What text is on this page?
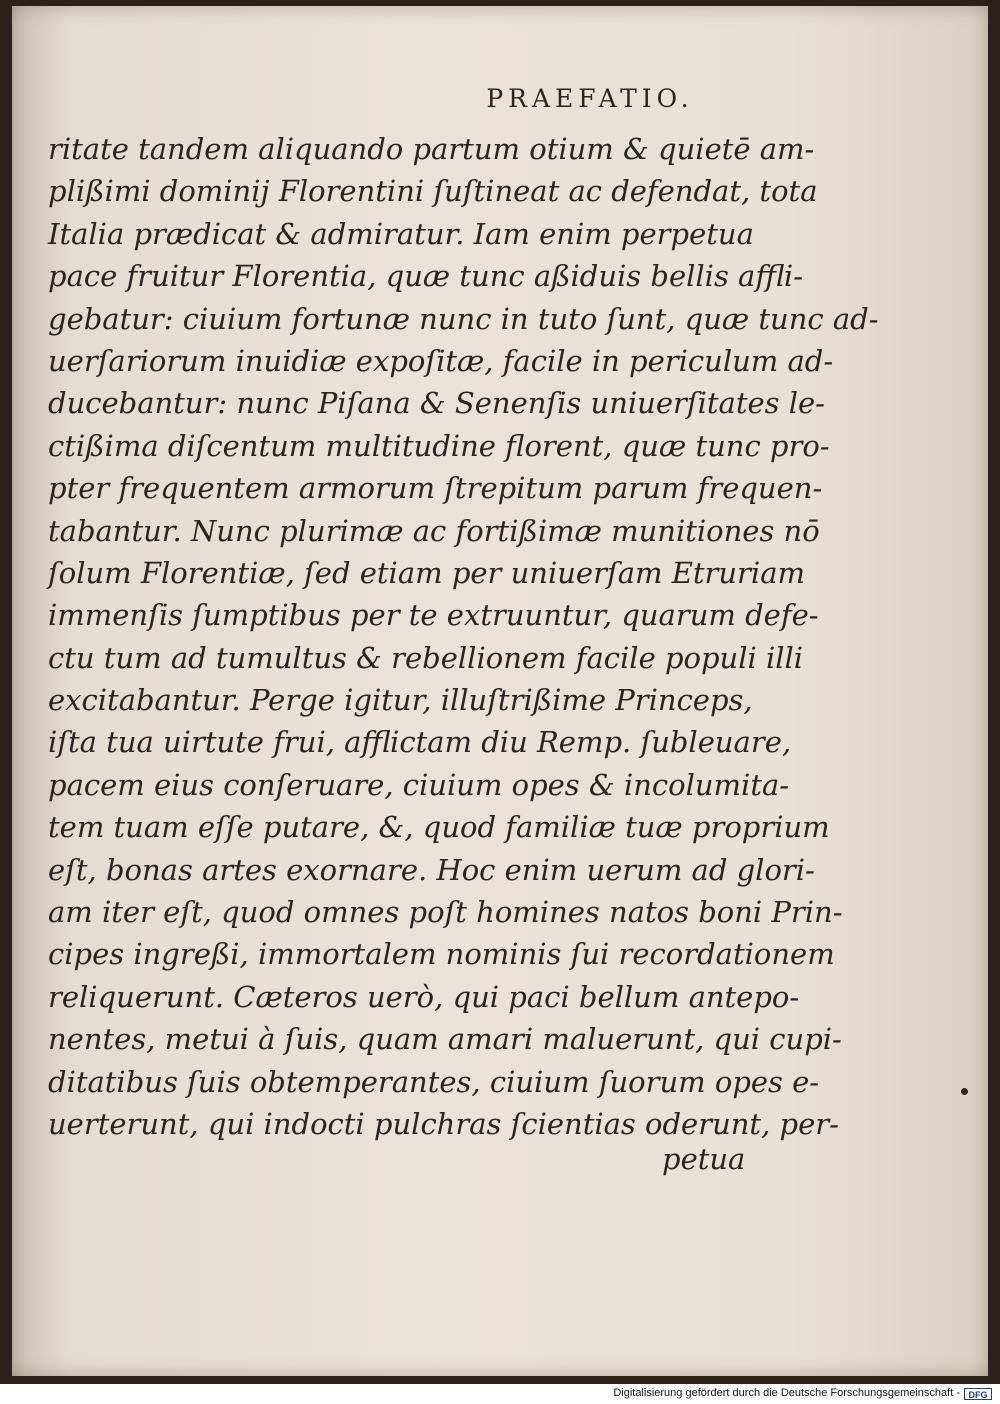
PRAEFATIO.
ritate tandem aliquando partum otium & quietē am-
plißimi dominij Florentini ſuſtineat ac defendat, tota
Italia prædicat & admiratur. Iam enim perpetua
pace fruitur Florentia, quæ tunc aßiduis bellis affli-
gebatur: ciuium fortunæ nunc in tuto ſunt, quæ tunc ad-
uerſariorum inuidiæ expoſitæ, facile in periculum ad-
ducebantur: nunc Piſana & Senenſis uniuerſitates le-
ctißima diſcentum multitudine florent, quæ tunc pro-
pter frequentem armorum ſtrepitum parum frequen-
tabantur. Nunc plurimæ ac fortißimæ munitiones nō
ſolum Florentiæ, ſed etiam per uniuerſam Etruriam
immenſis ſumptibus per te extruuntur, quarum defe-
ctu tum ad tumultus & rebellionem facile populi illi
excitabantur. Perge igitur, illuſtrißime Princeps,
iſta tua uirtute frui, afflictam diu Remp. ſubleuare,
pacem eius conſeruare, ciuium opes & incolumita-
tem tuam eſſe putare, &, quod familiæ tuæ proprium
eſt, bonas artes exornare. Hoc enim uerum ad glori-
am iter eſt, quod omnes poſt homines natos boni Prin-
cipes ingreßi, immortalem nominis ſui recordationem
reliquerunt. Cæteros uerò, qui paci bellum antepo-
nentes, metui à ſuis, quam amari maluerunt, qui cupi-
ditatibus ſuis obtemperantes, ciuium ſuorum opes e-
uerterunt, qui indocti pulchras ſcientias oderunt, per-
petua
Digitalisierung gefördert durch die Deutsche Forschungsgemeinschaft - DFG
